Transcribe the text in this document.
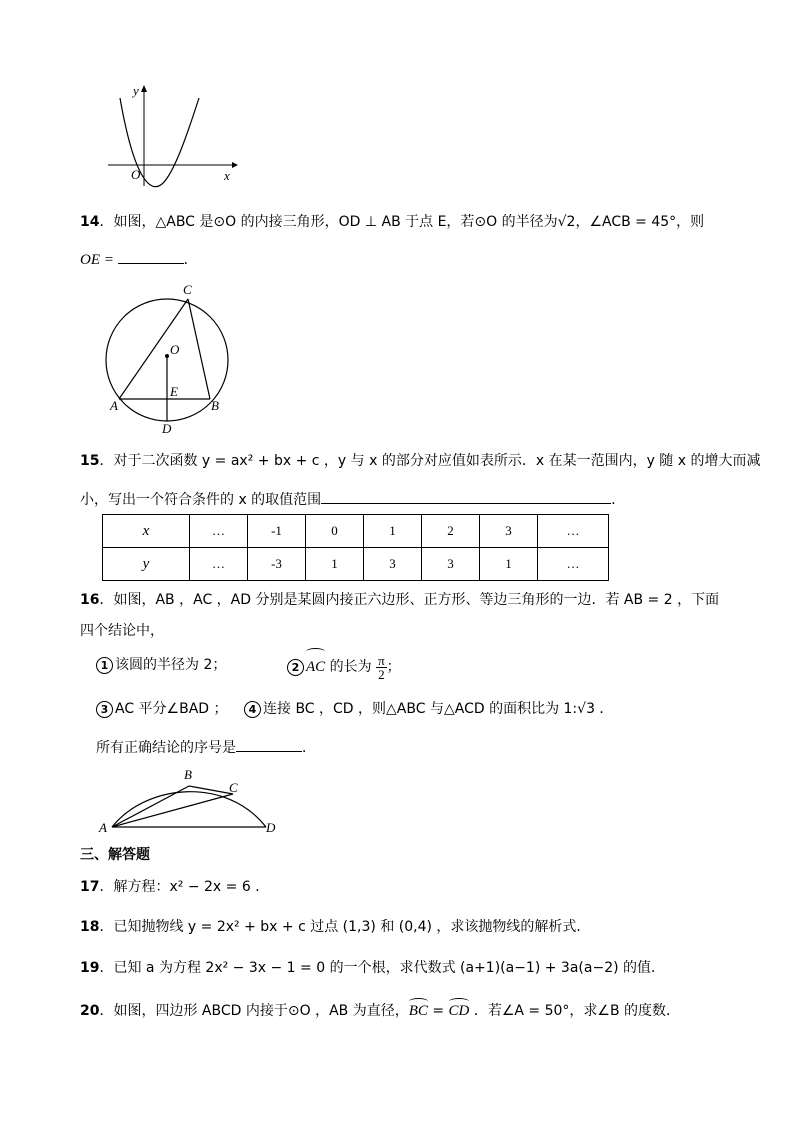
y
x
O
14．如图，△ABC 是⊙O 的内接三角形，OD ⊥ AB 于点 E，若⊙O 的半径为√2，∠ACB = 45°，则
OE =	．
C
O
E
A	B
D
15．对于二次函数 y = ax² + bx + c ，y 与 x 的部分对应值如表所示．x 在某一范围内，y 随 x 的增大而减
小，写出一个符合条件的 x 的取值范围	．
x	…	-1	0	1	2	3	…
y	…	-3	1	3	3	1	…
16．如图，AB ，AC ，AD 分别是某圆内接正六边形、正方形、等边三角形的一边．若 AB = 2 ，下面
四个结论中，
1 该圆的半径为 2；	2 AC 的长为 $\frac{\pi}{2}$ ；
3 AC 平分∠BAD ；	4 连接 BC ，CD ，则△ABC 与△ACD 的面积比为 1:√3 ．
所有正确结论的序号是	．
A
B
C
D
三、解答题
17．解方程：x² − 2x = 6 ．
18．已知抛物线 y = 2x² + bx + c 过点 (1,3) 和 (0,4) ，求该抛物线的解析式．
19．已知 a 为方程 2x² − 3x − 1 = 0 的一个根，求代数式 (a+1)(a−1) + 3a(a−2) 的值．
20．如图，四边形 ABCD 内接于⊙O ，AB 为直径，BC = CD ．若∠A = 50°，求∠B 的度数．
